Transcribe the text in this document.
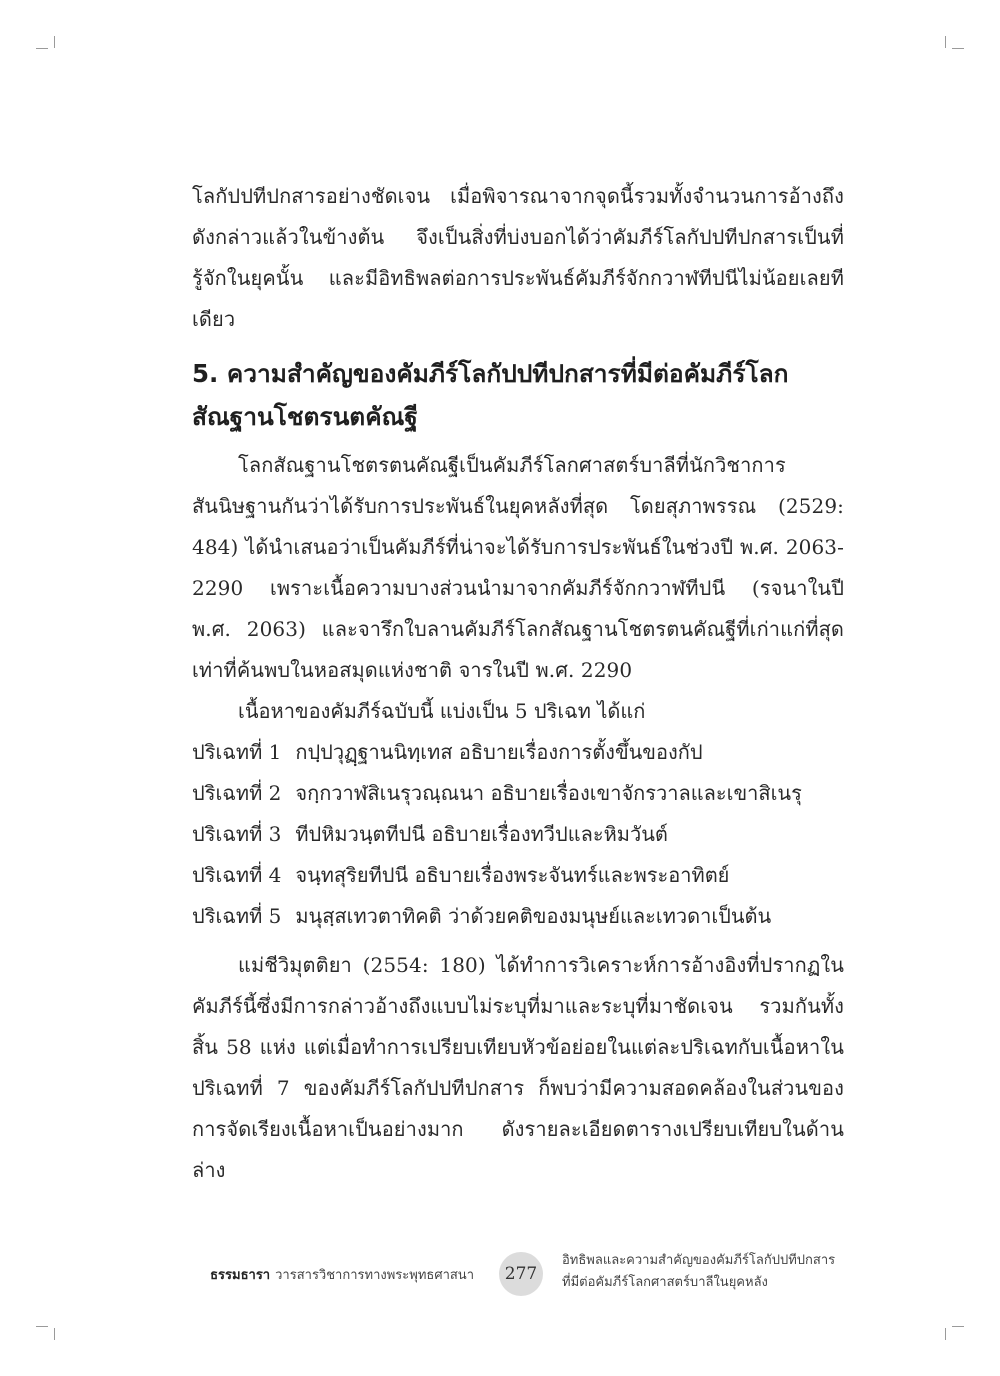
โลกัปปทีปกสารอย่างชัดเจน เมื่อพิจารณาจากจุดนี้รวมทั้งจำนวนการอ้างถึงดังกล่าวแล้วในข้างต้น จึงเป็นสิ่งที่บ่งบอกได้ว่าคัมภีร์โลกัปปทีปกสารเป็นที่รู้จักในยุคนั้น และมีอิทธิพลต่อการประพันธ์คัมภีร์จักกวาฬทีปนีไม่น้อยเลยทีเดียว

5. ความสำคัญของคัมภีร์โลกัปปทีปกสารที่มีต่อคัมภีร์โลกสัณฐานโชตรนตคัณฐี

โลกสัณฐานโชตรตนคัณฐีเป็นคัมภีร์โลกศาสตร์บาลีที่นักวิชาการสันนิษฐานกันว่าได้รับการประพันธ์ในยุคหลังที่สุด โดยสุภาพรรณ (2529: 484) ได้นำเสนอว่าเป็นคัมภีร์ที่น่าจะได้รับการประพันธ์ในช่วงปี พ.ศ. 2063-2290 เพราะเนื้อความบางส่วนนำมาจากคัมภีร์จักกวาฬทีปนี (รจนาในปี พ.ศ. 2063) และจารึกใบลานคัมภีร์โลกสัณฐานโชตรตนคัณฐีที่เก่าแก่ที่สุดเท่าที่ค้นพบในหอสมุดแห่งชาติ จารในปี พ.ศ. 2290

เนื้อหาของคัมภีร์ฉบับนี้ แบ่งเป็น 5 ปริเฉท ได้แก่

ปริเฉทที่ 1 กปฺปวุฏฺฐานนิทฺเทส อธิบายเรื่องการตั้งขึ้นของกัป
ปริเฉทที่ 2 จกฺกวาฬสิเนรุวณฺณนา อธิบายเรื่องเขาจักรวาลและเขาสิเนรุ
ปริเฉทที่ 3 ทีปหิมวนฺตทีปนี อธิบายเรื่องทวีปและหิมวันต์
ปริเฉทที่ 4 จนฺทสุริยทีปนี อธิบายเรื่องพระจันทร์และพระอาทิตย์
ปริเฉทที่ 5 มนุสฺสเทวตาทิคติ ว่าด้วยคติของมนุษย์และเทวดาเป็นต้น

แม่ชีวิมุตติยา (2554: 180) ได้ทำการวิเคราะห์การอ้างอิงที่ปรากฏในคัมภีร์นี้ซึ่งมีการกล่าวอ้างถึงแบบไม่ระบุที่มาและระบุที่มาชัดเจน รวมกันทั้งสิ้น 58 แห่ง แต่เมื่อทำการเปรียบเทียบหัวข้อย่อยในแต่ละปริเฉทกับเนื้อหาในปริเฉทที่ 7 ของคัมภีร์โลกัปปทีปกสาร ก็พบว่ามีความสอดคล้องในส่วนของการจัดเรียงเนื้อหาเป็นอย่างมาก ดังรายละเอียดตารางเปรียบเทียบในด้านล่าง

ธรรมธารา วารสารวิชาการทางพระพุทธศาสนา 277
อิทธิพลและความสำคัญของคัมภีร์โลกัปปทีปกสาร
ที่มีต่อคัมภีร์โลกศาสตร์บาลีในยุคหลัง
